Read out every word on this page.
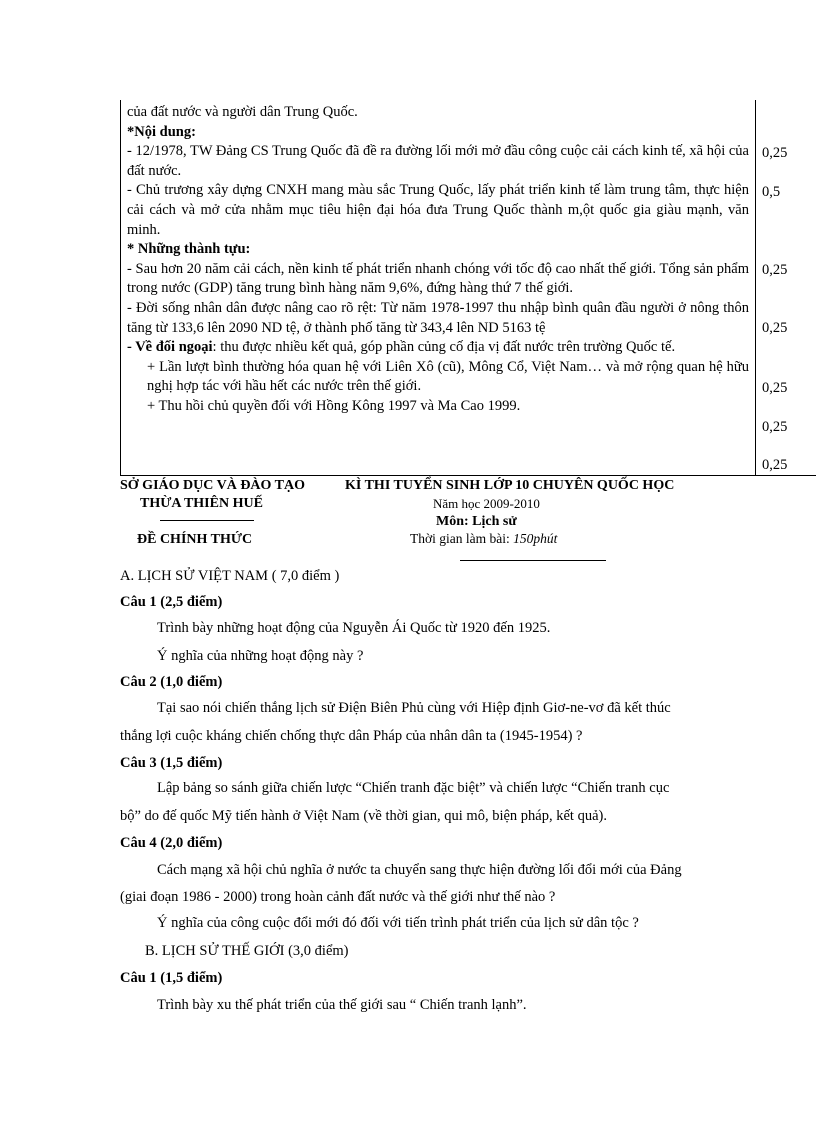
của đất nước và người dân Trung Quốc.

*Nội dung:

- 12/1978, TW Đảng CS Trung Quốc đã đề ra đường lối mới mở đầu công cuộc cải cách kinh tế, xã hội của đất nước.

- Chủ trương xây dựng CNXH mang màu sắc Trung Quốc, lấy phát triển kinh tế làm trung tâm, thực hiện cải cách và mở cửa nhằm mục tiêu hiện đại hóa đưa Trung Quốc thành m,ột quốc gia giàu mạnh, văn minh.

* Những thành tựu:

- Sau hơn 20 năm cải cách, nền kinh tế phát triển nhanh chóng với tốc độ cao nhất thế giới. Tổng sản phẩm trong nước (GDP) tăng trung bình hàng năm 9,6%, đứng hàng thứ 7 thế giới.

- Đời sống nhân dân được nâng cao rõ rệt: Từ năm 1978-1997 thu nhập bình quân đầu người ở nông thôn tăng từ 133,6 lên 2090 ND tệ, ở thành phố tăng từ 343,4 lên ND 5163 tệ

- Về đối ngoại: thu được nhiều kết quả, góp phần củng cố địa vị đất nước trên trường Quốc tế.

+ Lần lượt bình thường hóa quan hệ với Liên Xô (cũ), Mông Cổ, Việt Nam… và mở rộng quan hệ hữu nghị hợp tác với hầu hết các nước trên thế giới.

+ Thu hồi chủ quyền đối với Hồng Kông 1997 và Ma Cao 1999.

0,25
0,5
0,25
0,25
0,25
0,25
0,25
SỞ GIÁO DỤC VÀ ĐÀO TẠO
THỪA THIÊN HUẾ
ĐỀ CHÍNH THỨC
KÌ THI TUYỂN SINH LỚP 10 CHUYÊN QUỐC HỌC
Năm học 2009-2010
Môn: Lịch sử
Thời gian làm bài: 150phút
A. LỊCH SỬ VIỆT NAM ( 7,0 điểm )
Câu 1 (2,5 điểm)
Trình bày những hoạt động của Nguyễn Ái Quốc từ 1920 đến 1925.
Ý nghĩa của những hoạt động này ?
Câu 2 (1,0 điểm)
Tại sao nói chiến thắng lịch sử Điện Biên Phủ cùng với Hiệp định Giơ-ne-vơ đã kết thúc
thắng lợi cuộc kháng chiến chống thực dân Pháp của nhân dân ta (1945-1954) ?
Câu 3 (1,5 điểm)
Lập bảng so sánh giữa chiến lược “Chiến tranh đặc biệt” và chiến lược “Chiến tranh cục
bộ” do đế quốc Mỹ tiến hành ở Việt Nam (về thời gian, qui mô, biện pháp, kết quả).
Câu 4 (2,0 điểm)
Cách mạng xã hội chủ nghĩa ở nước ta chuyển sang thực hiện đường lối đổi mới của Đảng
(giai đoạn 1986 - 2000) trong hoàn cảnh đất nước và thế giới như thế nào ?
Ý nghĩa của công cuộc đổi mới đó đối với tiến trình phát triển của lịch sử dân tộc ?
B. LỊCH SỬ THẾ GIỚI (3,0 điểm)
Câu 1 (1,5 điểm)
Trình bày xu thế phát triển của thế giới sau “ Chiến tranh lạnh”.
